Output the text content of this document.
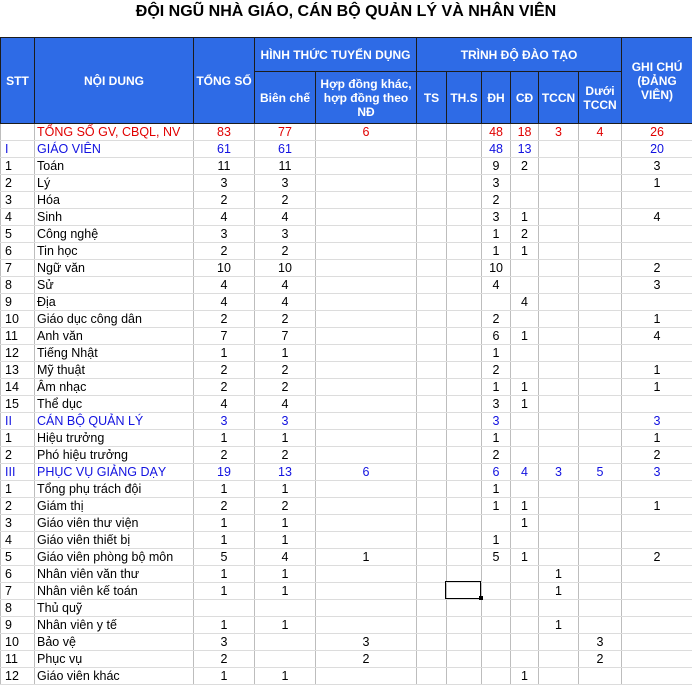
ĐỘI NGŨ NHÀ GIÁO, CÁN BỘ QUẢN LÝ VÀ NHÂN VIÊN
STT	NỘI DUNG	TỔNG SỐ	HÌNH THỨC TUYỂN DỤNG		TRÌNH ĐỘ ĐÀO TẠO						GHI CHÚ (ĐẢNG VIÊN)
			Biên chế	Hợp đồng khác, hợp đồng theo NĐ	TS	TH.S	ĐH	CĐ	TCCN	Dưới TCCN	
	TỔNG SỐ GV, CBQL, NV	83	77	6			48	18	3	4	26
I	GIÁO VIÊN	61	61				48	13			20
1	Toán	11	11				9	2			3
2	Lý	3	3				3				1
3	Hóa	2	2				2				
4	Sinh	4	4				3	1			4
5	Công nghệ	3	3				1	2			
6	Tin học	2	2				1	1			
7	Ngữ văn	10	10				10				2
8	Sử	4	4				4				3
9	Địa	4	4					4			
10	Giáo dục công dân	2	2				2				1
11	Anh văn	7	7				6	1			4
12	Tiếng Nhật	1	1				1				
13	Mỹ thuật	2	2				2				1
14	Âm nhạc	2	2				1	1			1
15	Thể dục	4	4				3	1			
II	CÁN BỘ QUẢN LÝ	3	3				3				3
1	Hiệu trưởng	1	1				1				1
2	Phó hiệu trưởng	2	2				2				2
III	PHỤC VỤ GIẢNG DẠY	19	13	6			6	4	3	5	3
1	Tổng phụ trách đội	1	1				1				
2	Giám thị	2	2				1	1			1
3	Giáo viên thư viện	1	1					1			
4	Giáo viên thiết bị	1	1				1				
5	Giáo viên phòng bộ môn	5	4	1			5	1			2
6	Nhân viên văn thư	1	1						1		
7	Nhân viên kế toán	1	1						1		
8	Thủ quỹ										
9	Nhân viên y tế	1	1						1		
10	Bảo vệ	3		3						3	
11	Phục vụ	2		2						2	
12	Giáo viên khác	1	1					1			
